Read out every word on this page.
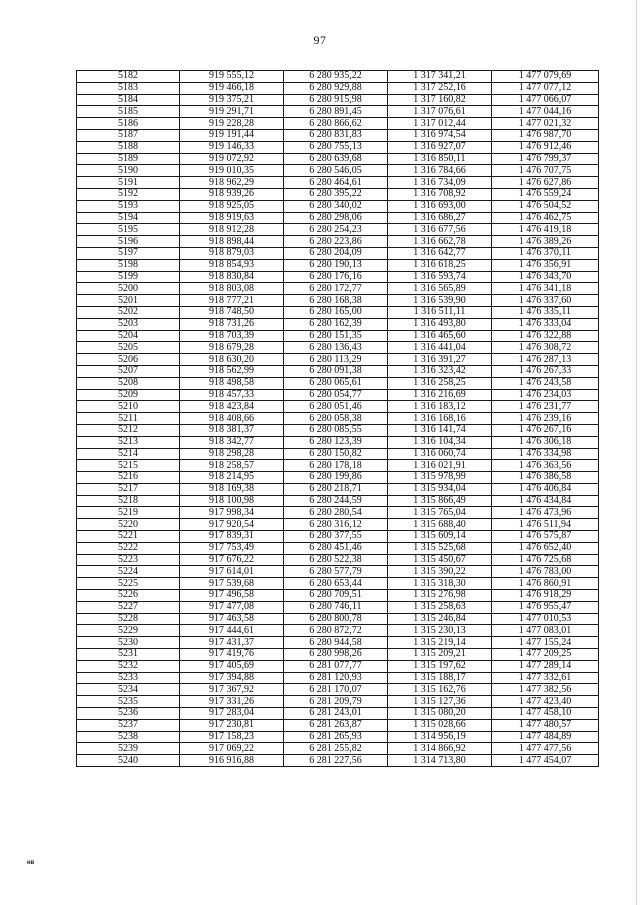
97
5182	919 555,12	6 280 935,22	1 317 341,21	1 477 079,69
5183	919 466,18	6 280 929,88	1 317 252,16	1 477 077,12
5184	919 375,21	6 280 915,98	1 317 160,82	1 477 066,07
5185	919 291,71	6 280 891,45	1 317 076,61	1 477 044,16
5186	919 228,28	6 280 866,62	1 317 012,44	1 477 021,32
5187	919 191,44	6 280 831,83	1 316 974,54	1 476 987,70
5188	919 146,33	6 280 755,13	1 316 927,07	1 476 912,46
5189	919 072,92	6 280 639,68	1 316 850,11	1 476 799,37
5190	919 010,35	6 280 546,05	1 316 784,66	1 476 707,75
5191	918 962,29	6 280 464,61	1 316 734,09	1 476 627,86
5192	918 939,26	6 280 395,22	1 316 708,92	1 476 559,24
5193	918 925,05	6 280 340,02	1 316 693,00	1 476 504,52
5194	918 919,63	6 280 298,06	1 316 686,27	1 476 462,75
5195	918 912,28	6 280 254,23	1 316 677,56	1 476 419,18
5196	918 898,44	6 280 223,86	1 316 662,78	1 476 389,26
5197	918 879,03	6 280 204,09	1 316 642,77	1 476 370,11
5198	918 854,93	6 280 190,13	1 316 618,25	1 476 356,91
5199	918 830,84	6 280 176,16	1 316 593,74	1 476 343,70
5200	918 803,08	6 280 172,77	1 316 565,89	1 476 341,18
5201	918 777,21	6 280 168,38	1 316 539,90	1 476 337,60
5202	918 748,50	6 280 165,00	1 316 511,11	1 476 335,11
5203	918 731,26	6 280 162,39	1 316 493,80	1 476 333,04
5204	918 703,39	6 280 151,35	1 316 465,60	1 476 322,88
5205	918 679,28	6 280 136,43	1 316 441,04	1 476 308,72
5206	918 630,20	6 280 113,29	1 316 391,27	1 476 287,13
5207	918 562,99	6 280 091,38	1 316 323,42	1 476 267,33
5208	918 498,58	6 280 065,61	1 316 258,25	1 476 243,58
5209	918 457,33	6 280 054,77	1 316 216,69	1 476 234,03
5210	918 423,84	6 280 051,46	1 316 183,12	1 476 231,77
5211	918 408,66	6 280 058,38	1 316 168,16	1 476 239,16
5212	918 381,37	6 280 085,55	1 316 141,74	1 476 267,16
5213	918 342,77	6 280 123,39	1 316 104,34	1 476 306,18
5214	918 298,28	6 280 150,82	1 316 060,74	1 476 334,98
5215	918 258,57	6 280 178,18	1 316 021,91	1 476 363,56
5216	918 214,95	6 280 199,86	1 315 978,99	1 476 386,58
5217	918 169,38	6 280 218,71	1 315 934,04	1 476 406,84
5218	918 100,98	6 280 244,59	1 315 866,49	1 476 434,84
5219	917 998,34	6 280 280,54	1 315 765,04	1 476 473,96
5220	917 920,54	6 280 316,12	1 315 688,40	1 476 511,94
5221	917 839,31	6 280 377,55	1 315 609,14	1 476 575,87
5222	917 753,49	6 280 451,46	1 315 525,68	1 476 652,40
5223	917 676,22	6 280 522,38	1 315 450,67	1 476 725,68
5224	917 614,01	6 280 577,79	1 315 390,22	1 476 783,00
5225	917 539,68	6 280 653,44	1 315 318,30	1 476 860,91
5226	917 496,58	6 280 709,51	1 315 276,98	1 476 918,29
5227	917 477,08	6 280 746,11	1 315 258,63	1 476 955,47
5228	917 463,58	6 280 800,78	1 315 246,84	1 477 010,53
5229	917 444,61	6 280 872,72	1 315 230,13	1 477 083,01
5230	917 431,37	6 280 944,58	1 315 219,14	1 477 155,24
5231	917 419,76	6 280 998,26	1 315 209,21	1 477 209,25
5232	917 405,69	6 281 077,77	1 315 197,62	1 477 289,14
5233	917 394,88	6 281 120,93	1 315 188,17	1 477 332,61
5234	917 367,92	6 281 170,07	1 315 162,76	1 477 382,56
5235	917 331,26	6 281 209,79	1 315 127,36	1 477 423,40
5236	917 283,04	6 281 243,01	1 315 080,20	1 477 458,10
5237	917 230,81	6 281 263,87	1 315 028,66	1 477 480,57
5238	917 158,23	6 281 265,93	1 314 956,19	1 477 484,89
5239	917 069,22	6 281 255,82	1 314 866,92	1 477 477,56
5240	916 916,88	6 281 227,56	1 314 713,80	1 477 454,07
нв
